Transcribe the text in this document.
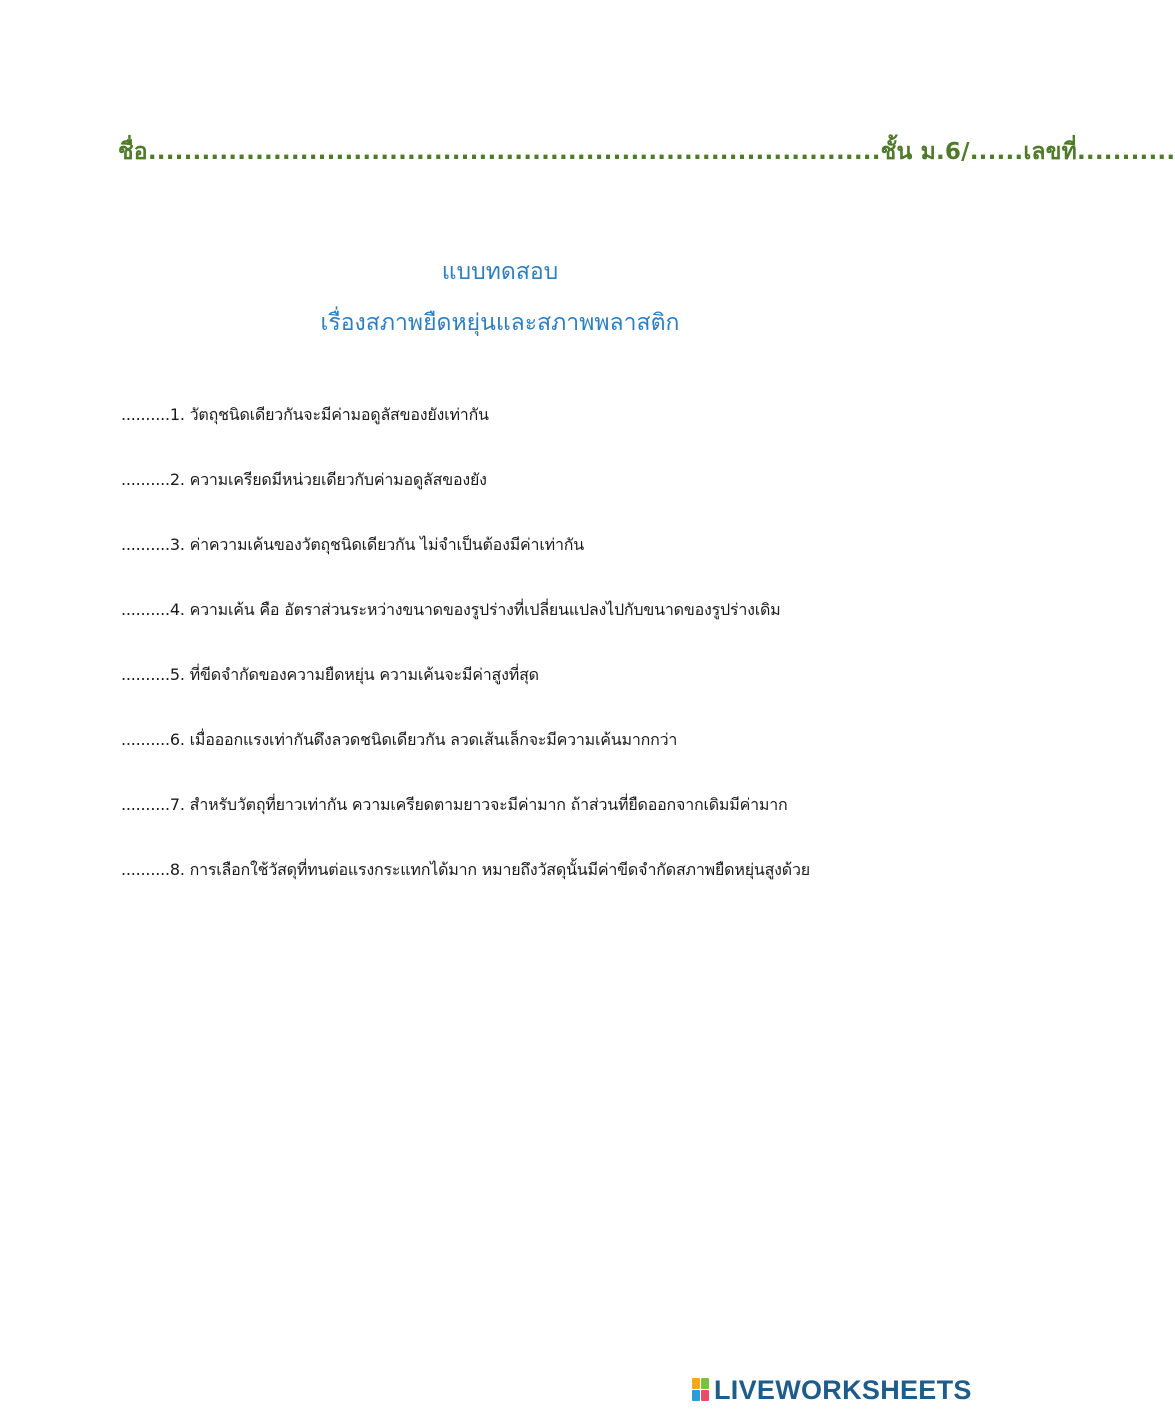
ชื่อ..................................................................................ชั้น ม.6/......เลขที่...........
แบบทดสอบ
เรื่องสภาพยืดหยุ่นและสภาพพลาสติก
..........1. วัตถุชนิดเดียวกันจะมีค่ามอดูลัสของยังเท่ากัน
..........2. ความเครียดมีหน่วยเดียวกับค่ามอดูลัสของยัง
..........3. ค่าความเค้นของวัตถุชนิดเดียวกัน ไม่จำเป็นต้องมีค่าเท่ากัน
..........4. ความเค้น คือ อัตราส่วนระหว่างขนาดของรูปร่างที่เปลี่ยนแปลงไปกับขนาดของรูปร่างเดิม
..........5. ที่ขีดจำกัดของความยืดหยุ่น ความเค้นจะมีค่าสูงที่สุด
..........6. เมื่อออกแรงเท่ากันดึงลวดชนิดเดียวกัน ลวดเส้นเล็กจะมีความเค้นมากกว่า
..........7. สำหรับวัตถุที่ยาวเท่ากัน ความเครียดตามยาวจะมีค่ามาก ถ้าส่วนที่ยืดออกจากเดิมมีค่ามาก
..........8. การเลือกใช้วัสดุที่ทนต่อแรงกระแทกได้มาก หมายถึงวัสดุนั้นมีค่าขีดจำกัดสภาพยืดหยุ่นสูงด้วย
LIVEWORKSHEETS
